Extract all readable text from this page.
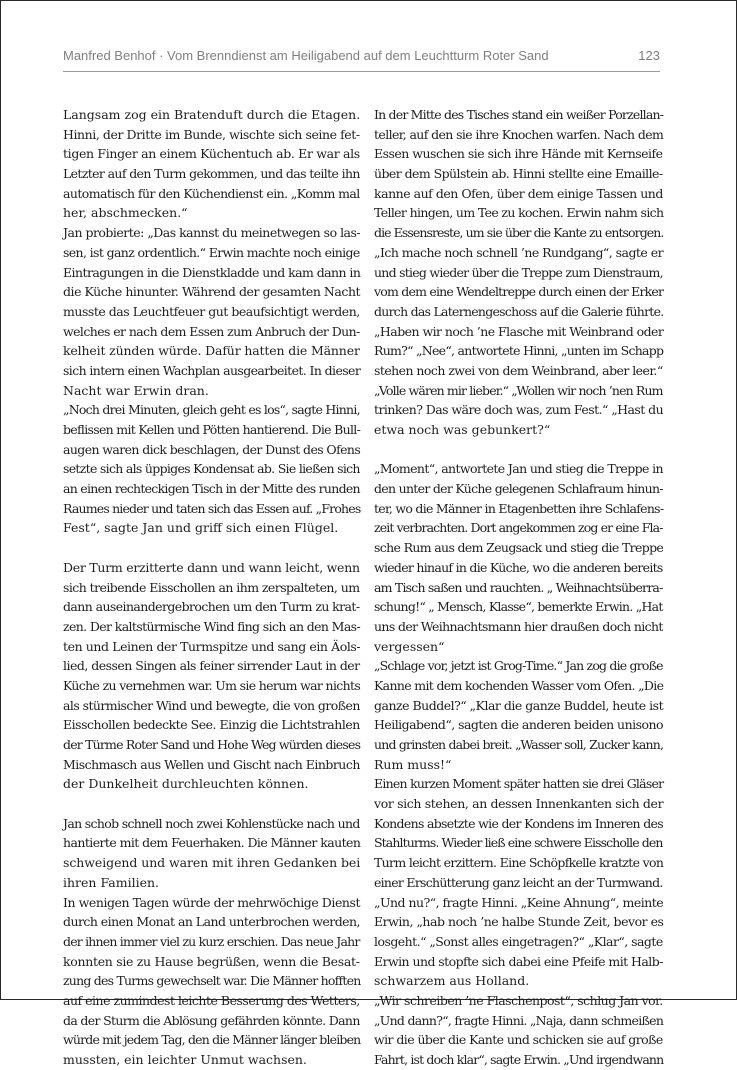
Manfred Benhof · Vom Brenndienst am Heiligabend auf dem Leuchtturm Roter Sand	123
Langsam zog ein Bratenduft durch die Etagen.
Hinni, der Dritte im Bunde, wischte sich seine fet-
tigen Finger an einem Küchentuch ab. Er war als
Letzter auf den Turm gekommen, und das teilte ihn
automatisch für den Küchendienst ein. „Komm mal
her, abschmecken.“
Jan probierte: „Das kannst du meinetwegen so las-
sen, ist ganz ordentlich.“ Erwin machte noch einige
Eintragungen in die Dienstkladde und kam dann in
die Küche hinunter. Während der gesamten Nacht
musste das Leuchtfeuer gut beaufsichtigt werden,
welches er nach dem Essen zum Anbruch der Dun-
kelheit zünden würde. Dafür hatten die Männer
sich intern einen Wachplan ausgearbeitet. In dieser
Nacht war Erwin dran.
„Noch drei Minuten, gleich geht es los“, sagte Hinni,
beflissen mit Kellen und Pötten hantierend. Die Bull-
augen waren dick beschlagen, der Dunst des Ofens
setzte sich als üppiges Kondensat ab. Sie ließen sich
an einen rechteckigen Tisch in der Mitte des runden
Raumes nieder und taten sich das Essen auf. „Frohes
Fest“, sagte Jan und griff sich einen Flügel.
Der Turm erzitterte dann und wann leicht, wenn
sich treibende Eisschollen an ihm zerspalteten, um
dann auseinandergebrochen um den Turm zu krat-
zen. Der kaltstürmische Wind fing sich an den Mas-
ten und Leinen der Turmspitze und sang ein Äols-
lied, dessen Singen als feiner sirrender Laut in der
Küche zu vernehmen war. Um sie herum war nichts
als stürmischer Wind und bewegte, die von großen
Eisschollen bedeckte See. Einzig die Lichtstrahlen
der Türme Roter Sand und Hohe Weg würden dieses
Mischmasch aus Wellen und Gischt nach Einbruch
der Dunkelheit durchleuchten können.
Jan schob schnell noch zwei Kohlenstücke nach und
hantierte mit dem Feuerhaken. Die Männer kauten
schweigend und waren mit ihren Gedanken bei
ihren Familien.
In wenigen Tagen würde der mehrwöchige Dienst
durch einen Monat an Land unterbrochen werden,
der ihnen immer viel zu kurz erschien. Das neue Jahr
konnten sie zu Hause begrüßen, wenn die Besat-
zung des Turms gewechselt war. Die Männer hofften
auf eine zumindest leichte Besserung des Wetters,
da der Sturm die Ablösung gefährden könnte. Dann
würde mit jedem Tag, den die Männer länger bleiben
mussten, ein leichter Unmut wachsen.
In der Mitte des Tisches stand ein weißer Porzellan-
teller, auf den sie ihre Knochen warfen. Nach dem
Essen wuschen sie sich ihre Hände mit Kernseife
über dem Spülstein ab. Hinni stellte eine Emaille-
kanne auf den Ofen, über dem einige Tassen und
Teller hingen, um Tee zu kochen. Erwin nahm sich
die Essensreste, um sie über die Kante zu entsorgen.
„Ich mache noch schnell ’ne Rundgang“, sagte er
und stieg wieder über die Treppe zum Dienstraum,
vom dem eine Wendeltreppe durch einen der Erker
durch das Laternengeschoss auf die Galerie führte.
„Haben wir noch ’ne Flasche mit Weinbrand oder
Rum?“ „Nee“, antwortete Hinni, „unten im Schapp
stehen noch zwei von dem Weinbrand, aber leer.“
„Volle wären mir lieber.“ „Wollen wir noch ’nen Rum
trinken? Das wäre doch was, zum Fest.“ „Hast du
etwa noch was gebunkert?“
„Moment“, antwortete Jan und stieg die Treppe in
den unter der Küche gelegenen Schlafraum hinun-
ter, wo die Männer in Etagenbetten ihre Schlafens-
zeit verbrachten. Dort angekommen zog er eine Fla-
sche Rum aus dem Zeugsack und stieg die Treppe
wieder hinauf in die Küche, wo die anderen bereits
am Tisch saßen und rauchten. „ Weihnachtsüberra-
schung!“ „ Mensch, Klasse“, bemerkte Erwin. „Hat
uns der Weihnachtsmann hier draußen doch nicht
vergessen“
„Schlage vor, jetzt ist Grog-Time.“ Jan zog die große
Kanne mit dem kochenden Wasser vom Ofen. „Die
ganze Buddel?“ „Klar die ganze Buddel, heute ist
Heiligabend“, sagten die anderen beiden unisono
und grinsten dabei breit. „Wasser soll, Zucker kann,
Rum muss!“
Einen kurzen Moment später hatten sie drei Gläser
vor sich stehen, an dessen Innenkanten sich der
Kondens absetzte wie der Kondens im Inneren des
Stahlturms. Wieder ließ eine schwere Eisscholle den
Turm leicht erzittern. Eine Schöpfkelle kratzte von
einer Erschütterung ganz leicht an der Turmwand.
„Und nu?“, fragte Hinni. „Keine Ahnung“, meinte
Erwin, „hab noch ’ne halbe Stunde Zeit, bevor es
losgeht.“ „Sonst alles eingetragen?“ „Klar“, sagte
Erwin und stopfte sich dabei eine Pfeife mit Halb-
schwarzem aus Holland.
„Wir schreiben ’ne Flaschenpost“, schlug Jan vor.
„Und dann?“, fragte Hinni. „Naja, dann schmeißen
wir die über die Kante und schicken sie auf große
Fahrt, ist doch klar“, sagte Erwin. „Und irgendwann
